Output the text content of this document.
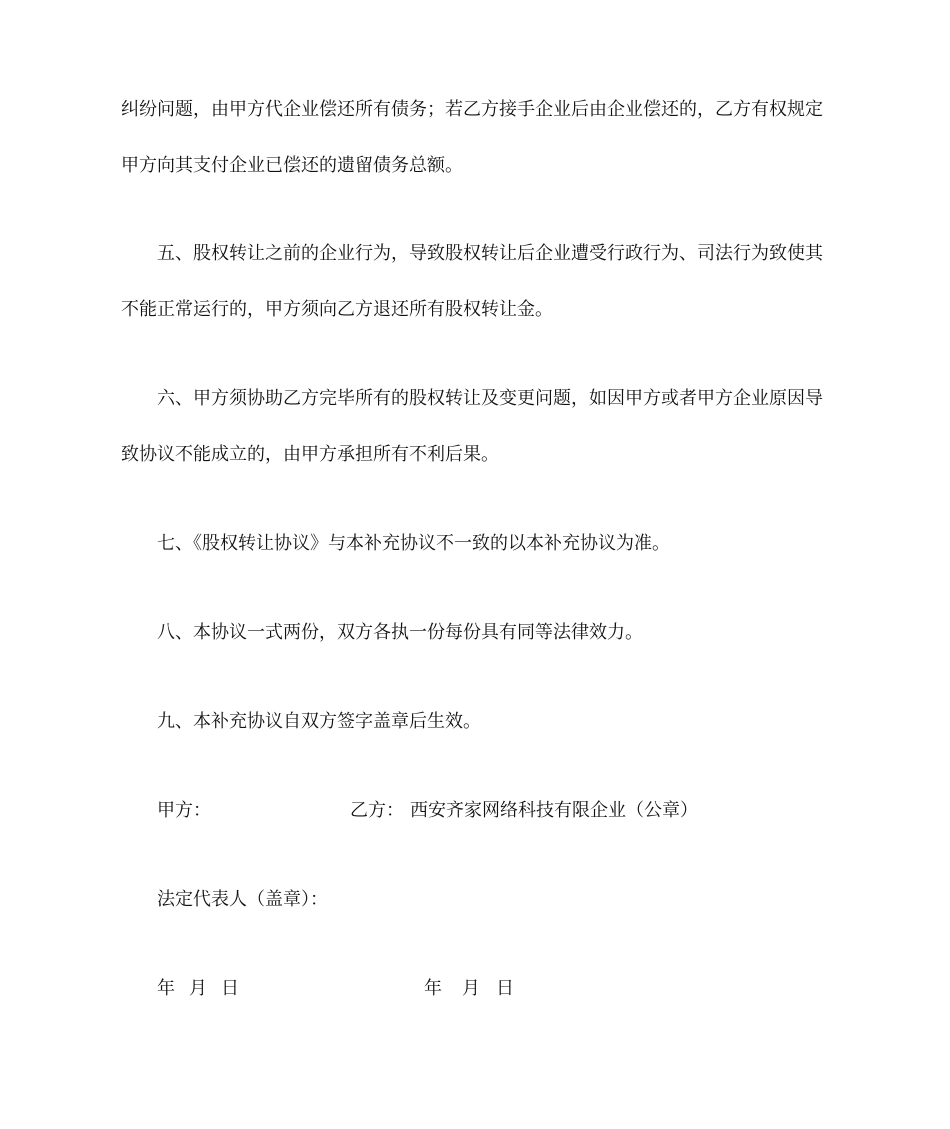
纠纷问题，由甲方代企业偿还所有债务；若乙方接手企业后由企业偿还的，乙方有权规定
甲方向其支付企业已偿还的遗留债务总额。
五、股权转让之前的企业行为，导致股权转让后企业遭受行政行为、司法行为致使其
不能正常运行的，甲方须向乙方退还所有股权转让金。
六、甲方须协助乙方完毕所有的股权转让及变更问题，如因甲方或者甲方企业原因导
致协议不能成立的，由甲方承担所有不利后果。
七、《股权转让协议》与本补充协议不一致的以本补充协议为准。
八、本协议一式两份，双方各执一份每份具有同等法律效力。
九、本补充协议自双方签字盖章后生效。
甲方：	乙方： 西安齐家网络科技有限企业（公章）
法定代表人（盖章）：
年 月 日	年 月 日
